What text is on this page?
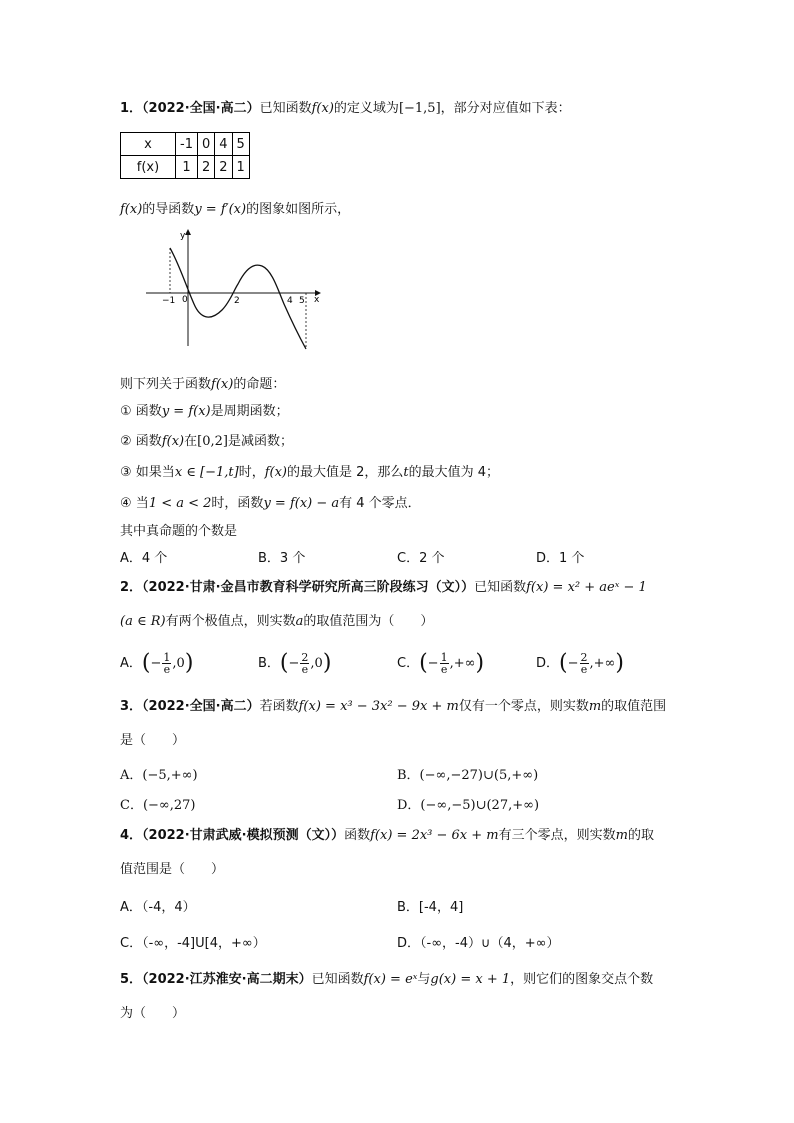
1．（2022·全国·高二）已知函数f(x)的定义域为[−1,5]，部分对应值如下表：
x	-1	0	4	5
f(x)	1	2	2	1
f(x)的导函数y = f′(x)的图象如图所示，
y
x
−1 0	2	4 5
则下列关于函数f(x)的命题：
① 函数y = f(x)是周期函数；
② 函数f(x)在[0,2]是减函数；
③ 如果当x ∈ [−1,t]时，f(x)的最大值是 2，那么t的最大值为 4；
④ 当1 < a < 2时，函数y = f(x) − a有 4 个零点．
其中真命题的个数是
A．4 个	B．3 个	C．2 个	D．1 个
2．（2022·甘肃·金昌市教育科学研究所高三阶段练习（文））已知函数f(x) = x² + aeˣ − 1
(a ∈ R)有两个极值点，则实数a的取值范围为（　　）
A．(− $\frac{1}{e} ,0$)	B．(− $\frac{2}{e} ,0$)	C．(− $\frac{1}{e}$ ,+∞)	D．(− $\frac{2}{e}$ ,+∞)
3．（2022·全国·高二）若函数f(x) = x³ − 3x² − 9x + m仅有一个零点，则实数m的取值范围
是（　　）
A．(−5,+∞)	B．(−∞,−27)∪(5,+∞)
C．(−∞,27)	D．(−∞,−5)∪(27,+∞)
4．（2022·甘肃武威·模拟预测（文））函数f(x) = 2x³ − 6x + m有三个零点，则实数m的取
值范围是（　　）
A．（-4，4）	B．[-4，4]
C．（-∞，-4]U[4，+∞）	D．（-∞，-4）∪（4，+∞）
5．（2022·江苏淮安·高二期末）已知函数f(x) = eˣ与g(x) = x + 1，则它们的图象交点个数
为（　　）
